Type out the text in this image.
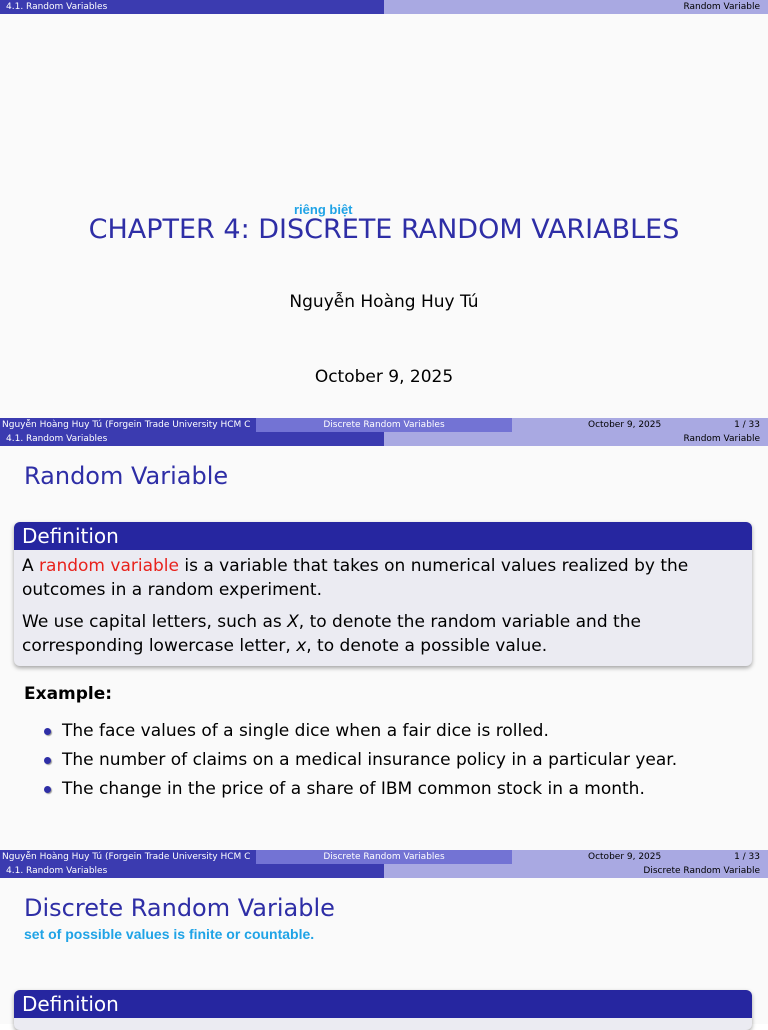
4.1. Random Variables	Random Variable
riêng biệt
CHAPTER 4: DISCRETE RANDOM VARIABLES
Nguyễn Hoàng Huy Tú
October 9, 2025
Nguyễn Hoàng Huy Tú (Forgein Trade University HCM C	Discrete Random Variables	October 9, 2025	1 / 33
4.1. Random Variables	Random Variable
Random Variable
Definition

A random variable is a variable that takes on numerical values realized by the outcomes in a random experiment.

We use capital letters, such as X, to denote the random variable and the corresponding lowercase letter, x, to denote a possible value.

Example:
The face values of a single dice when a fair dice is rolled.
The number of claims on a medical insurance policy in a particular year.
The change in the price of a share of IBM common stock in a month.
Nguyễn Hoàng Huy Tú (Forgein Trade University HCM C	Discrete Random Variables	October 9, 2025	1 / 33
4.1. Random Variables	Discrete Random Variable
Discrete Random Variable
set of possible values is finite or countable.
Definition
